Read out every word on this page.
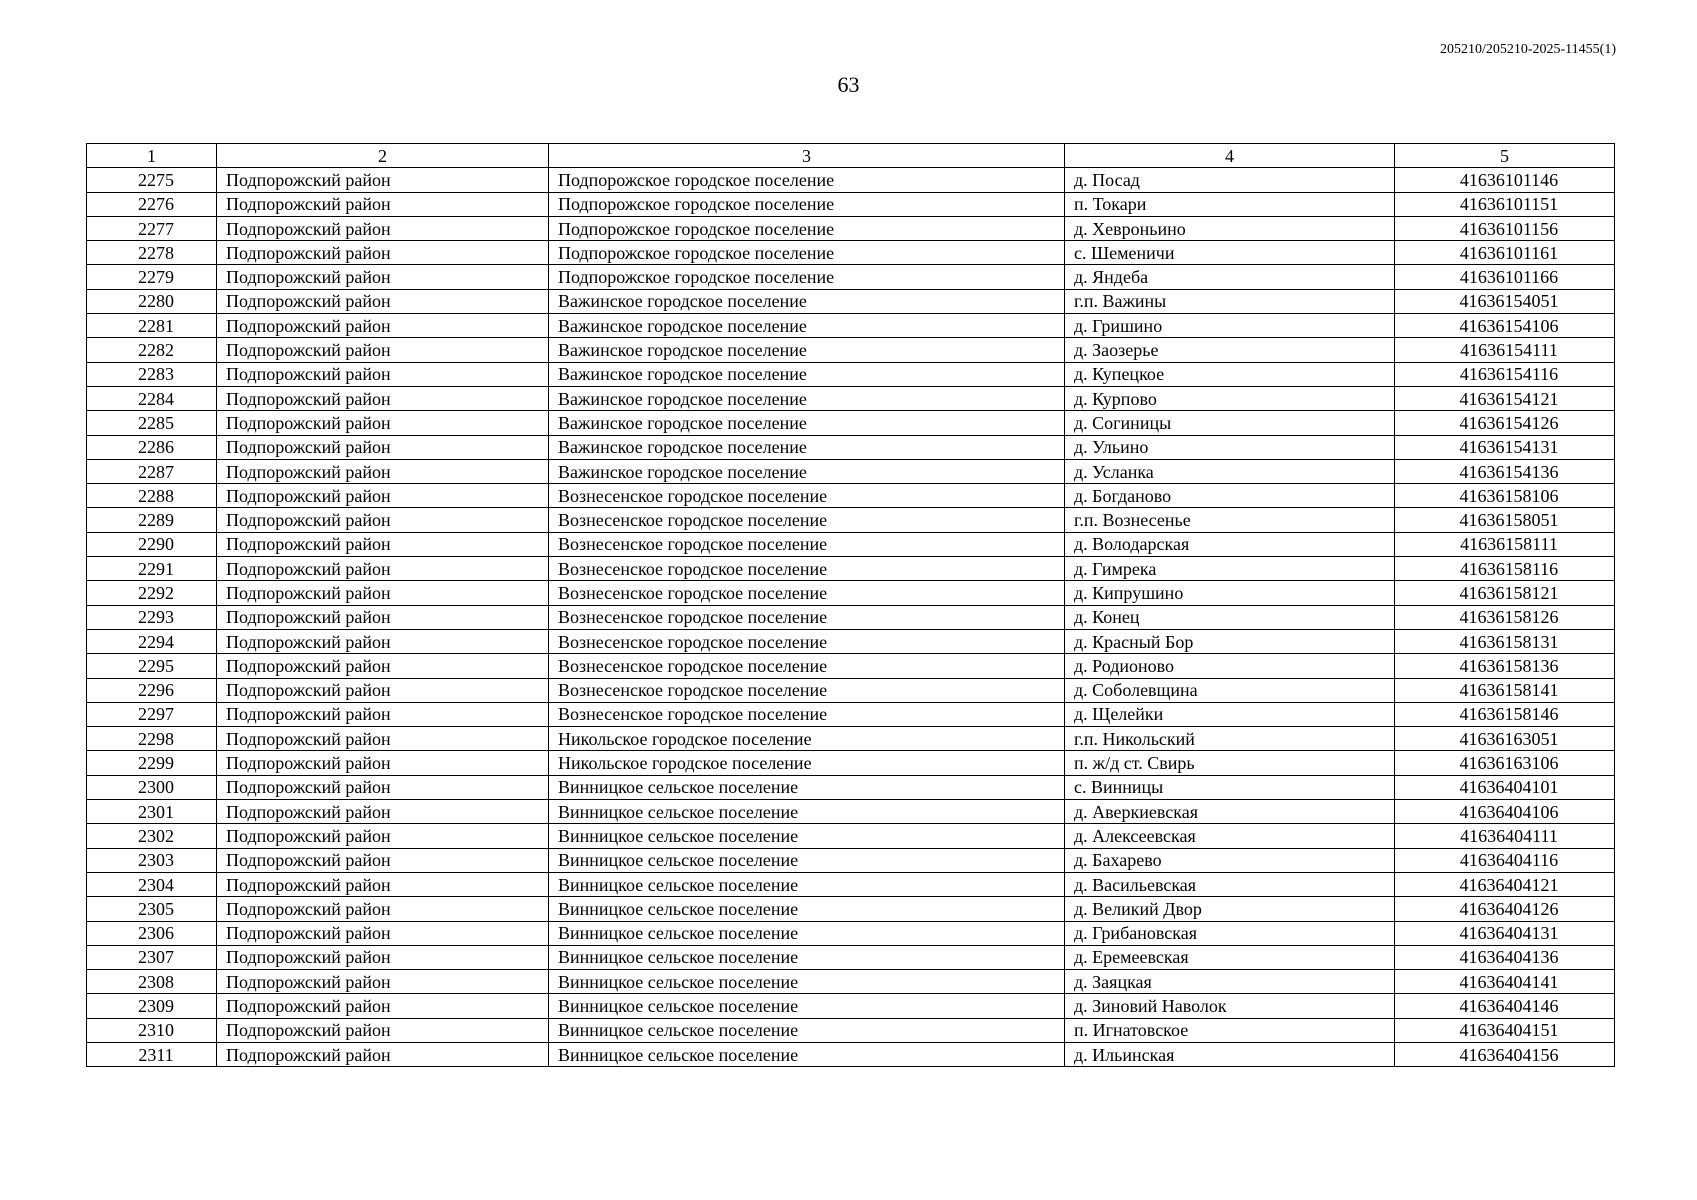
205210/205210-2025-11455(1)
63
1	2	3	4	5
2275	Подпорожский район	Подпорожское городское поселение	д. Посад	41636101146
2276	Подпорожский район	Подпорожское городское поселение	п. Токари	41636101151
2277	Подпорожский район	Подпорожское городское поселение	д. Хевроньино	41636101156
2278	Подпорожский район	Подпорожское городское поселение	с. Шеменичи	41636101161
2279	Подпорожский район	Подпорожское городское поселение	д. Яндеба	41636101166
2280	Подпорожский район	Важинское городское поселение	г.п. Важины	41636154051
2281	Подпорожский район	Важинское городское поселение	д. Гришино	41636154106
2282	Подпорожский район	Важинское городское поселение	д. Заозерье	41636154111
2283	Подпорожский район	Важинское городское поселение	д. Купецкое	41636154116
2284	Подпорожский район	Важинское городское поселение	д. Курпово	41636154121
2285	Подпорожский район	Важинское городское поселение	д. Согиницы	41636154126
2286	Подпорожский район	Важинское городское поселение	д. Ульино	41636154131
2287	Подпорожский район	Важинское городское поселение	д. Усланка	41636154136
2288	Подпорожский район	Вознесенское городское поселение	д. Богданово	41636158106
2289	Подпорожский район	Вознесенское городское поселение	г.п. Вознесенье	41636158051
2290	Подпорожский район	Вознесенское городское поселение	д. Володарская	41636158111
2291	Подпорожский район	Вознесенское городское поселение	д. Гимрека	41636158116
2292	Подпорожский район	Вознесенское городское поселение	д. Кипрушино	41636158121
2293	Подпорожский район	Вознесенское городское поселение	д. Конец	41636158126
2294	Подпорожский район	Вознесенское городское поселение	д. Красный Бор	41636158131
2295	Подпорожский район	Вознесенское городское поселение	д. Родионово	41636158136
2296	Подпорожский район	Вознесенское городское поселение	д. Соболевщина	41636158141
2297	Подпорожский район	Вознесенское городское поселение	д. Щелейки	41636158146
2298	Подпорожский район	Никольское городское поселение	г.п. Никольский	41636163051
2299	Подпорожский район	Никольское городское поселение	п. ж/д ст. Свирь	41636163106
2300	Подпорожский район	Винницкое сельское поселение	с. Винницы	41636404101
2301	Подпорожский район	Винницкое сельское поселение	д. Аверкиевская	41636404106
2302	Подпорожский район	Винницкое сельское поселение	д. Алексеевская	41636404111
2303	Подпорожский район	Винницкое сельское поселение	д. Бахарево	41636404116
2304	Подпорожский район	Винницкое сельское поселение	д. Васильевская	41636404121
2305	Подпорожский район	Винницкое сельское поселение	д. Великий Двор	41636404126
2306	Подпорожский район	Винницкое сельское поселение	д. Грибановская	41636404131
2307	Подпорожский район	Винницкое сельское поселение	д. Еремеевская	41636404136
2308	Подпорожский район	Винницкое сельское поселение	д. Заяцкая	41636404141
2309	Подпорожский район	Винницкое сельское поселение	д. Зиновий Наволок	41636404146
2310	Подпорожский район	Винницкое сельское поселение	п. Игнатовское	41636404151
2311	Подпорожский район	Винницкое сельское поселение	д. Ильинская	41636404156
